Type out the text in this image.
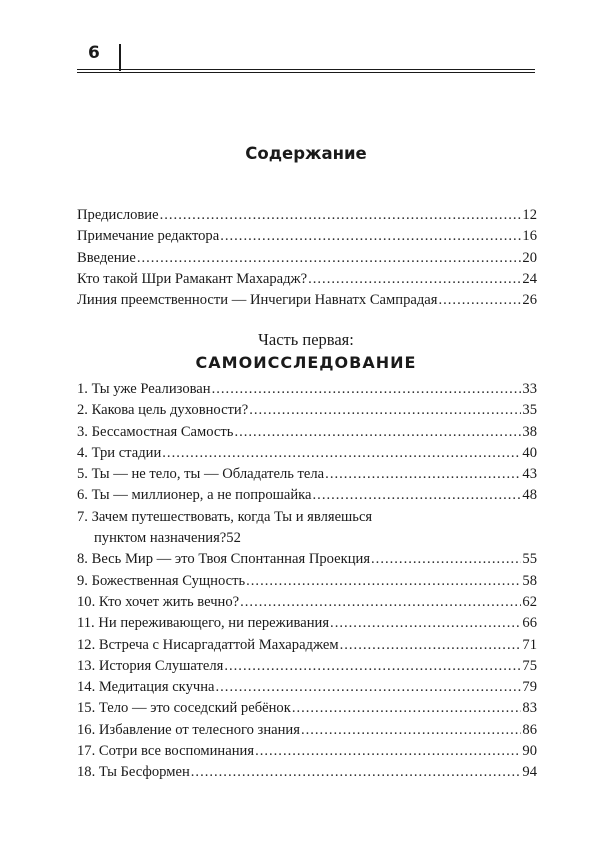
6
Содержание
Предисловие .....	12
Примечание редактора .....	16
Введение .....	20
Кто такой Шри Рамакант Махарадж? .....	24
Линия преемственности — Инчегири Навнатх Сампрадая .....	26
Часть первая:
САМОИССЛЕДОВАНИЕ
1. Ты уже Реализован .....	33
2. Какова цель духовности? .....	35
3. Бессамостная Самость .....	38
4. Три стадии .....	40
5. Ты — не тело, ты — Обладатель тела .....	43
6. Ты — миллионер, а не попрошайка .....	48
7. Зачем путешествовать, когда Ты и являешься
пунктом назначения? 52
8. Весь Мир — это Твоя Спонтанная Проекция .....	55
9. Божественная Сущность .....	58
10. Кто хочет жить вечно? .....	62
11. Ни переживающего, ни переживания .....	66
12. Встреча с Нисаргадаттой Махараджем .....	71
13. История Слушателя .....	75
14. Медитация скучна .....	79
15. Тело — это соседский ребёнок .....	83
16. Избавление от телесного знания .....	86
17. Сотри все воспоминания .....	90
18. Ты Бесформен .....	94
